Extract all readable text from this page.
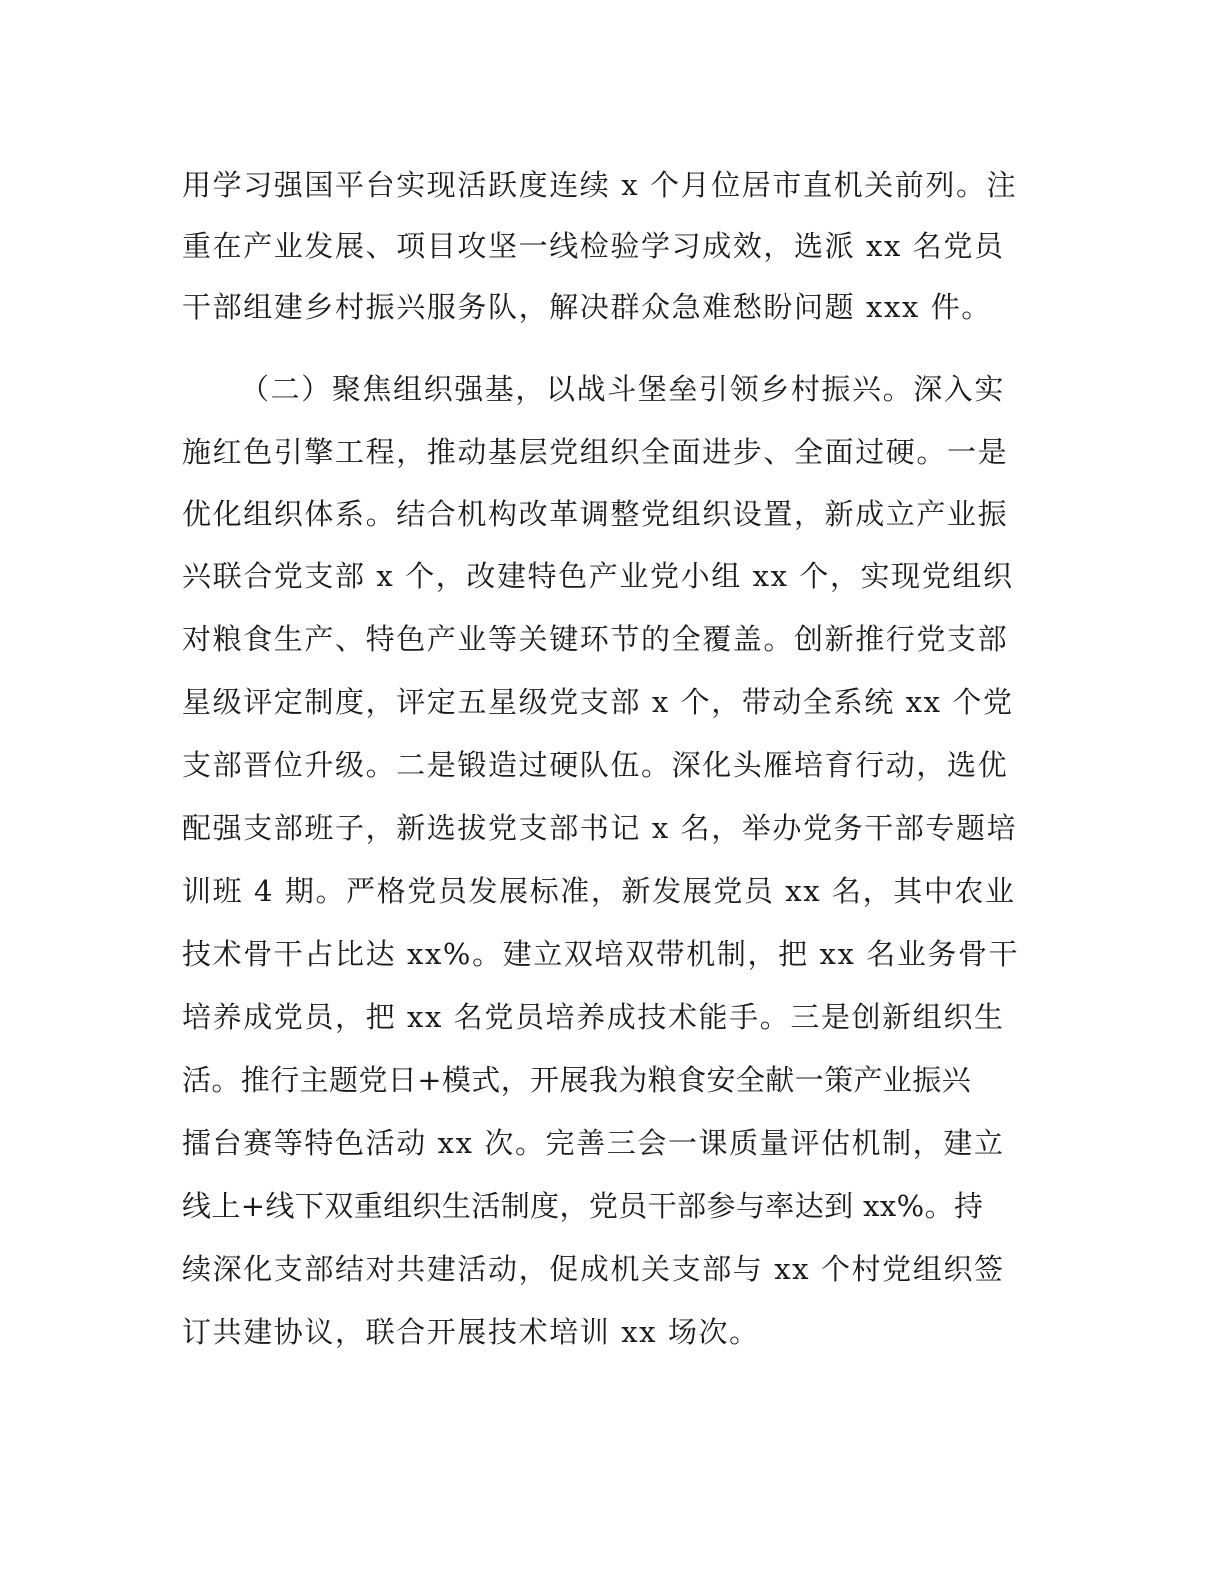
用学习强国平台实现活跃度连续 x 个月位居市直机关前列。注
重在产业发展、项目攻坚一线检验学习成效，选派 xx 名党员
干部组建乡村振兴服务队，解决群众急难愁盼问题 xxx 件。
（二）聚焦组织强基，以战斗堡垒引领乡村振兴。深入实
施红色引擎工程，推动基层党组织全面进步、全面过硬。一是
优化组织体系。结合机构改革调整党组织设置，新成立产业振
兴联合党支部 x 个，改建特色产业党小组 xx 个，实现党组织
对粮食生产、特色产业等关键环节的全覆盖。创新推行党支部
星级评定制度，评定五星级党支部 x 个，带动全系统 xx 个党
支部晋位升级。二是锻造过硬队伍。深化头雁培育行动，选优
配强支部班子，新选拔党支部书记 x 名，举办党务干部专题培
训班 4 期。严格党员发展标准，新发展党员 xx 名，其中农业
技术骨干占比达 xx%。建立双培双带机制，把 xx 名业务骨干
培养成党员，把 xx 名党员培养成技术能手。三是创新组织生
活。推行主题党日+模式，开展我为粮食安全献一策产业振兴
擂台赛等特色活动 xx 次。完善三会一课质量评估机制，建立
线上+线下双重组织生活制度，党员干部参与率达到 xx%。持
续深化支部结对共建活动，促成机关支部与 xx 个村党组织签
订共建协议，联合开展技术培训 xx 场次。
